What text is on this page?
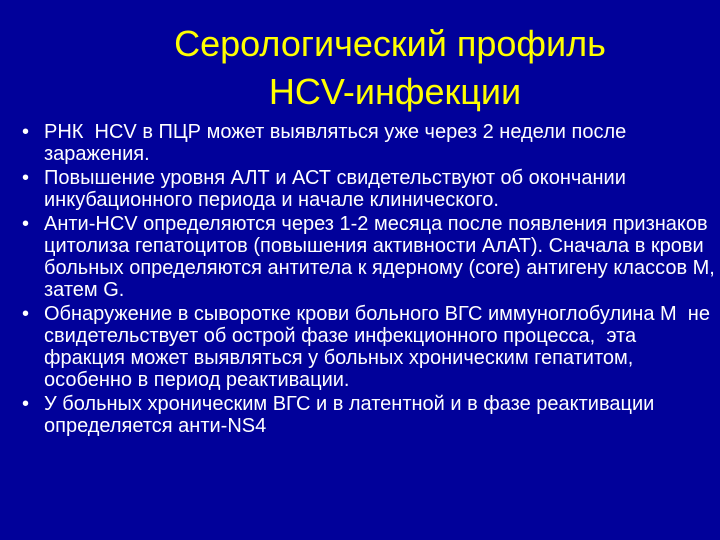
Серологический профиль
HCV-инфекции
• РНК  HCV в ПЦР может выявляться уже через 2 недели после заражения.
• Повышение уровня АЛТ и АСТ свидетельствуют об окончании инкубационного периода и начале клинического.
• Анти-HCV определяются через 1-2 месяца после появления признаков цитолиза гепатоцитов (повышения активности АлАТ). Сначала в крови больных определяются антитела к ядерному (core) антигену классов М, затем G.
• Обнаружение в сыворотке крови больного ВГС иммуноглобулина М  не свидетельствует об острой фазе инфекционного процесса,  эта фракция может выявляться у больных хроническим гепатитом, особенно в период реактивации.
• У больных хроническим ВГС и в латентной и в фазе реактивации определяется анти-NS4
